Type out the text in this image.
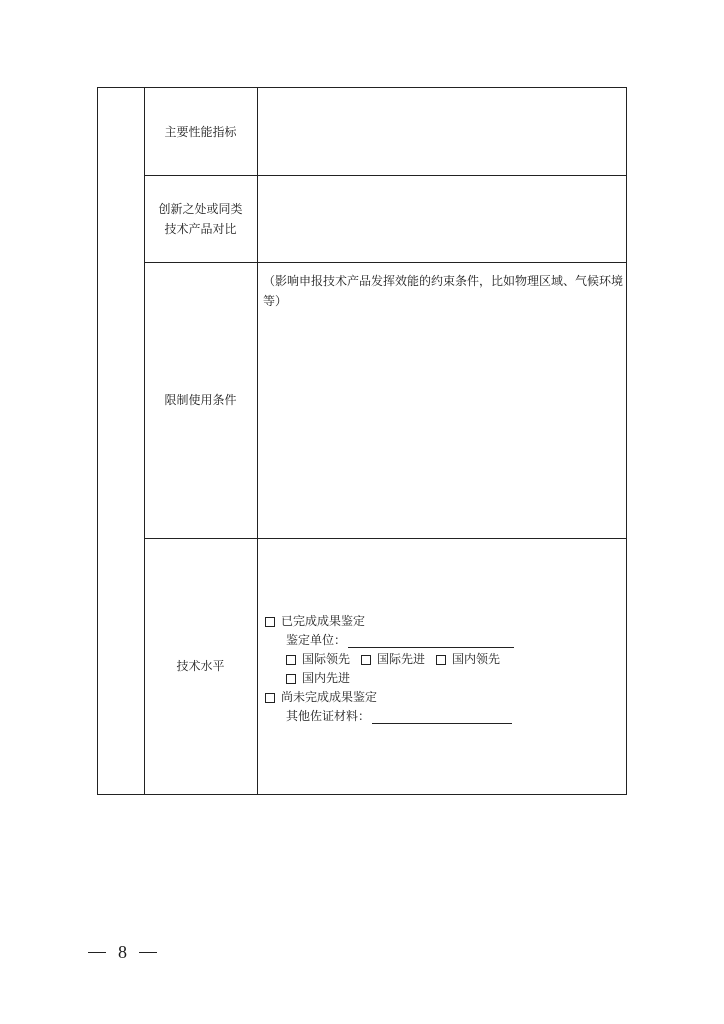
主要性能指标
创新之处或同类
技术产品对比
限制使用条件
技术水平
（影响申报技术产品发挥效能的约束条件，比如物理区域、气候环境等）
已完成成果鉴定
鉴定单位：
国际领先 国际先进 国内领先
国内先进
尚未完成成果鉴定
其他佐证材料：
8
